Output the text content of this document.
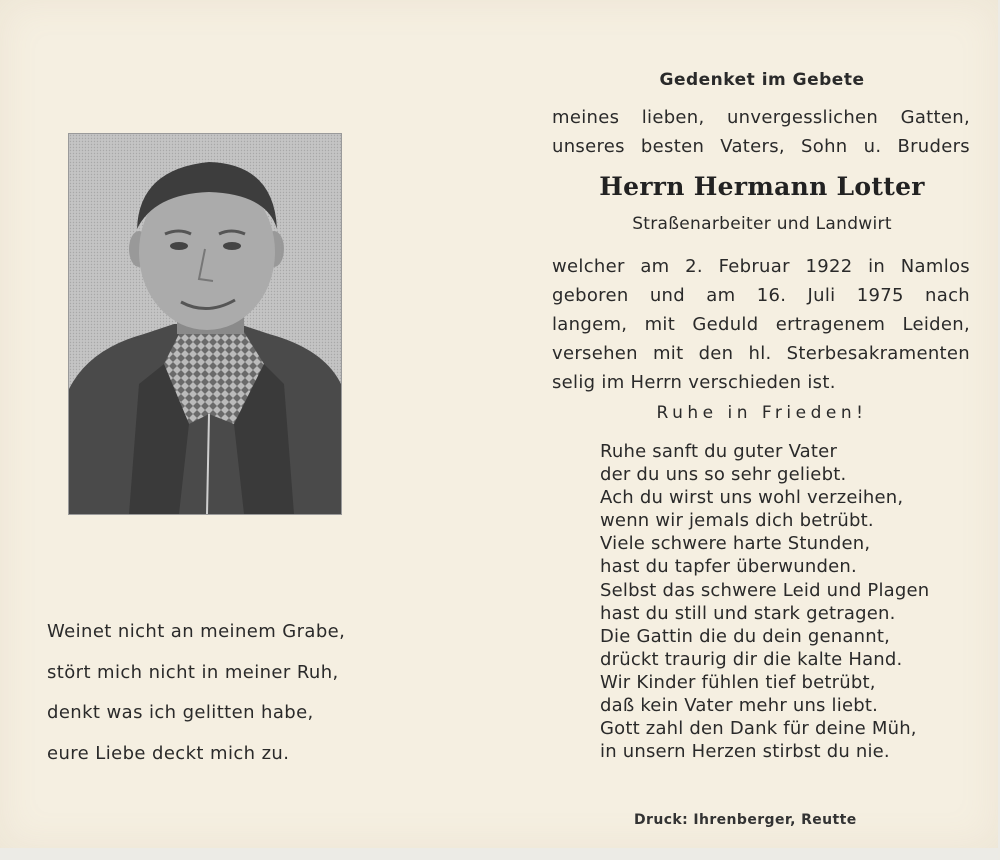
Weinet nicht an meinem Grabe,
stört mich nicht in meiner Ruh,
denkt was ich gelitten habe,
eure Liebe deckt mich zu.
Gedenket im Gebete
meines lieben, unvergesslichen Gatten,
unseres besten Vaters, Sohn u. Bruders
Herrn Hermann Lotter
Straßenarbeiter und Landwirt
welcher am 2. Februar 1922 in Namlos
geboren und am 16. Juli 1975 nach
langem, mit Geduld ertragenem Leiden,
versehen mit den hl. Sterbesakramenten
selig im Herrn verschieden ist.
Ruhe in Frieden!
Ruhe sanft du guter Vater
der du uns so sehr geliebt.
Ach du wirst uns wohl verzeihen,
wenn wir jemals dich betrübt.
Viele schwere harte Stunden,
hast du tapfer überwunden.
Selbst das schwere Leid und Plagen
hast du still und stark getragen.
Die Gattin die du dein genannt,
drückt traurig dir die kalte Hand.
Wir Kinder fühlen tief betrübt,
daß kein Vater mehr uns liebt.
Gott zahl den Dank für deine Müh,
in unsern Herzen stirbst du nie.
Druck: Ihrenberger, Reutte
